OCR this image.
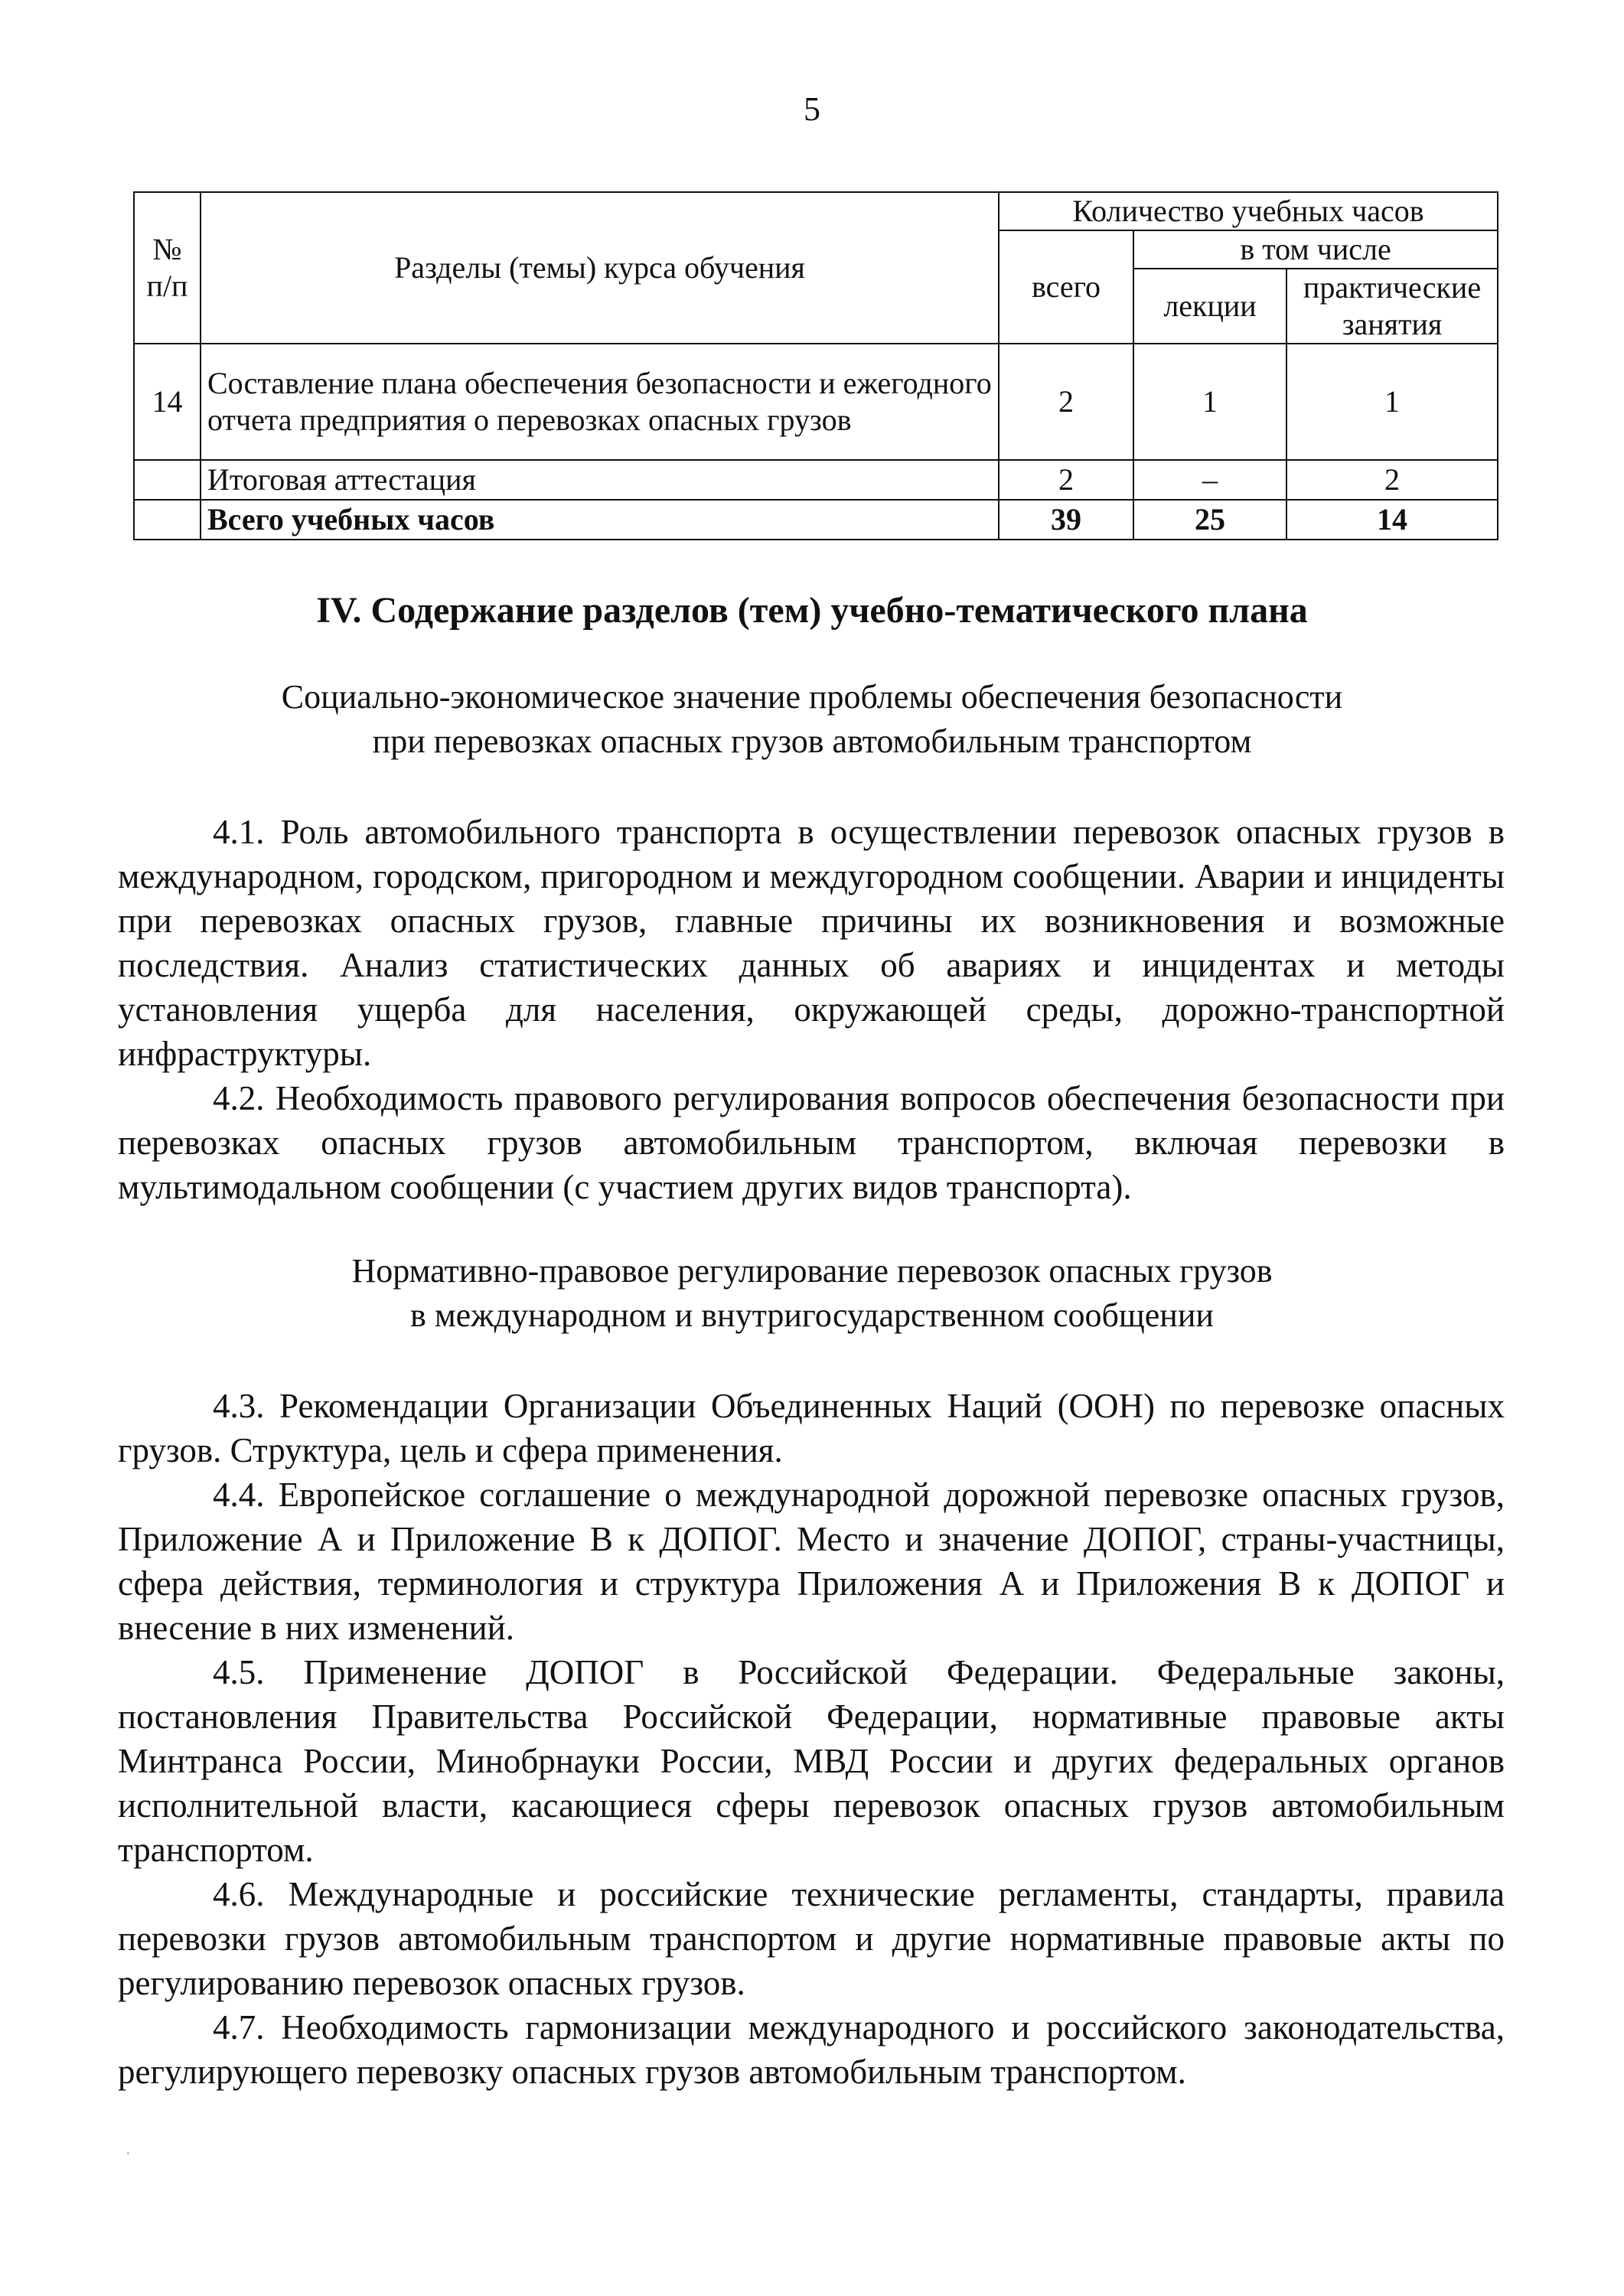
5
№ п/п	Разделы (темы) курса обучения	Количество учебных часов		
		всего	в том числе	
			лекции	практические занятия
14	Составление плана обеспечения безопасности и ежегодного отчета предприятия о перевозках опасных грузов	2	1	1
	Итоговая аттестация	2	–	2
	Всего учебных часов	39	25	14
IV. Содержание разделов (тем) учебно-тематического плана
Социально-экономическое значение проблемы обеспечения безопасности
при перевозках опасных грузов автомобильным транспортом

4.1. Роль автомобильного транспорта в осуществлении перевозок опасных грузов в международном, городском, пригородном и междугородном сообщении. Аварии и инциденты при перевозках опасных грузов, главные причины их возникновения и возможные последствия. Анализ статистических данных об авариях и инцидентах и методы установления ущерба для населения, окружающей среды, дорожно-транспортной инфраструктуры.

4.2. Необходимость правового регулирования вопросов обеспечения безопасности при перевозках опасных грузов автомобильным транспортом, включая перевозки в мультимодальном сообщении (с участием других видов транспорта).

Нормативно-правовое регулирование перевозок опасных грузов
в международном и внутригосударственном сообщении

4.3. Рекомендации Организации Объединенных Наций (ООН) по перевозке опасных грузов. Структура, цель и сфера применения.

4.4. Европейское соглашение о международной дорожной перевозке опасных грузов, Приложение А и Приложение В к ДОПОГ. Место и значение ДОПОГ, страны-участницы, сфера действия, терминология и структура Приложения А и Приложения В к ДОПОГ и внесение в них изменений.

4.5. Применение ДОПОГ в Российской Федерации. Федеральные законы, постановления Правительства Российской Федерации, нормативные правовые акты Минтранса России, Минобрнауки России, МВД России и других федеральных органов исполнительной власти, касающиеся сферы перевозок опасных грузов автомобильным транспортом.

4.6. Международные и российские технические регламенты, стандарты, правила перевозки грузов автомобильным транспортом и другие нормативные правовые акты по регулированию перевозок опасных грузов.

4.7. Необходимость гармонизации международного и российского законодательства, регулирующего перевозку опасных грузов автомобильным транспортом.
